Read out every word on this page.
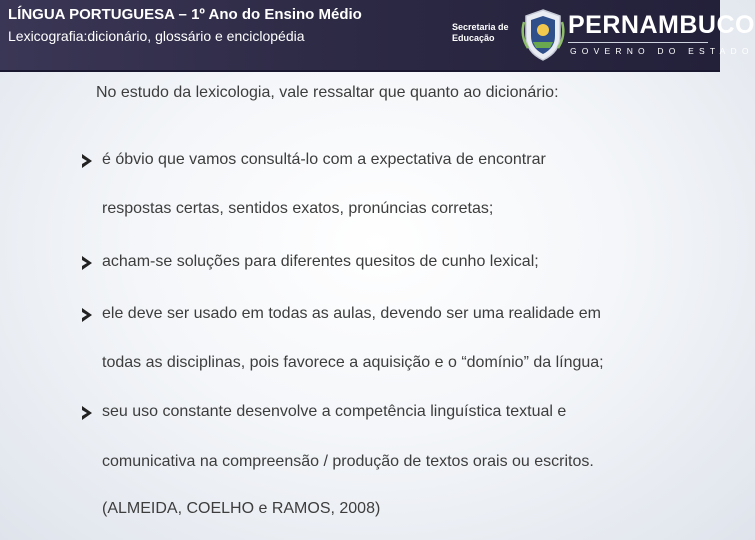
LÍNGUA PORTUGUESA – 1º Ano do Ensino Médio
Lexicografia:dicionário, glossário e enciclopédia
Secretaria de
Educação	PERNAMBUCO
GOVERNO DO ESTADO
No estudo da lexicologia, vale ressaltar que quanto ao dicionário:
é óbvio que vamos consultá-lo com a expectativa de encontrar
respostas certas, sentidos exatos, pronúncias corretas;
acham-se soluções para diferentes quesitos de cunho lexical;
ele deve ser usado em todas as aulas, devendo ser uma realidade em
todas as disciplinas, pois favorece a aquisição e o “domínio” da língua;
seu uso constante desenvolve a competência linguística textual e
comunicativa na compreensão / produção de textos orais ou escritos.
(ALMEIDA, COELHO e RAMOS, 2008)
